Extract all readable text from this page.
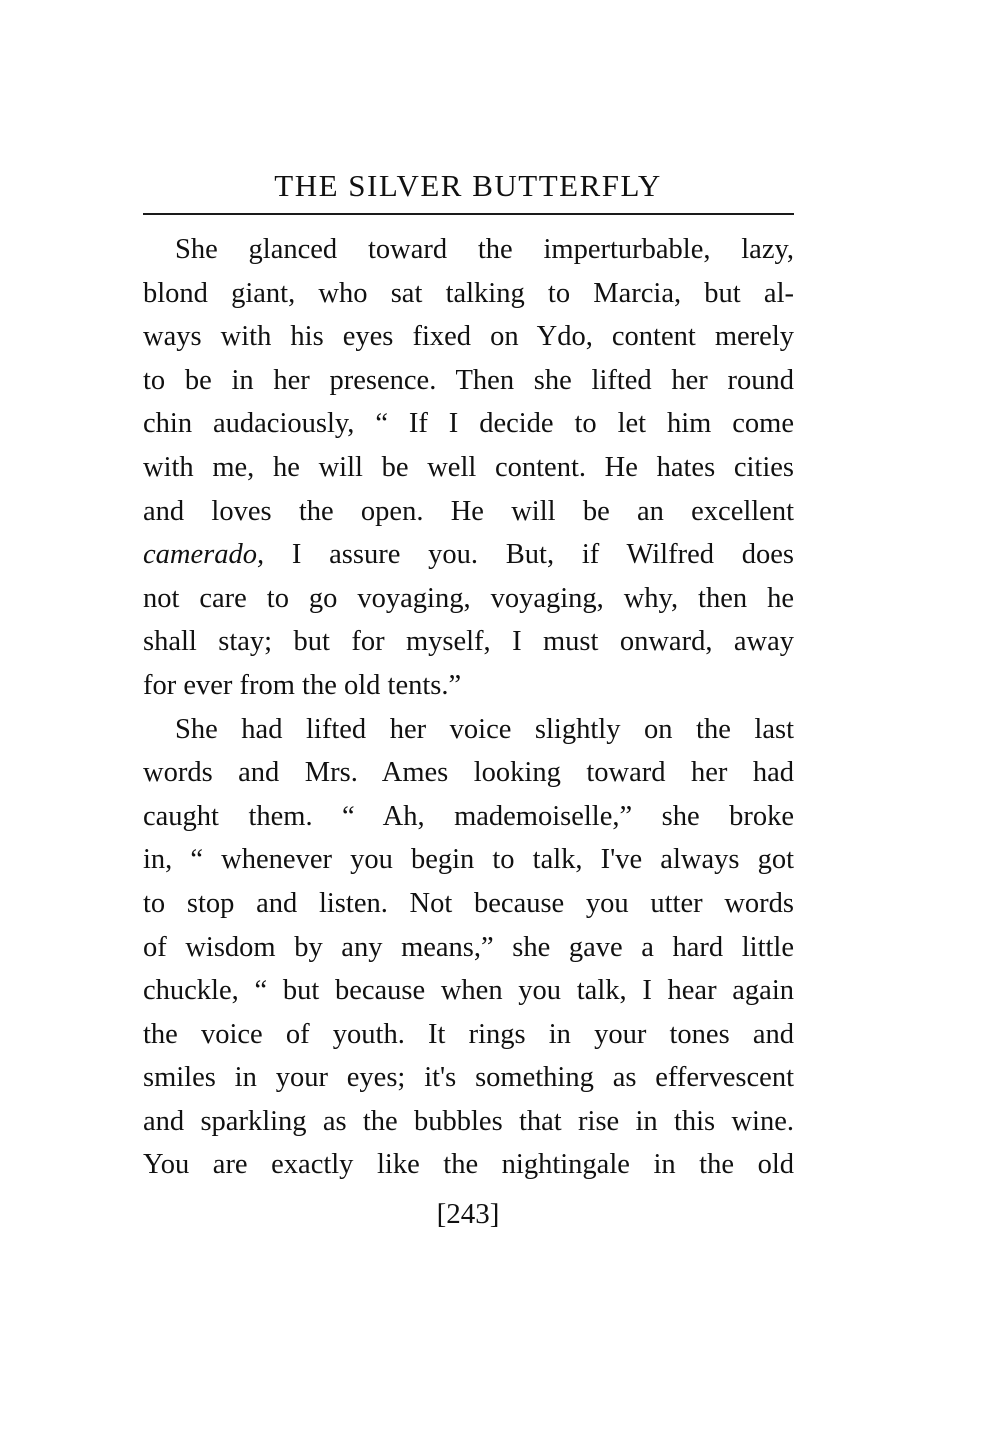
THE SILVER BUTTERFLY
She glanced toward the imperturbable, lazy,
blond giant, who sat talking to Marcia, but al-
ways with his eyes fixed on Ydo, content merely
to be in her presence. Then she lifted her round
chin audaciously, “ If I decide to let him come
with me, he will be well content. He hates cities
and loves the open. He will be an excellent
camerado, I assure you. But, if Wilfred does
not care to go voyaging, voyaging, why, then he
shall stay; but for myself, I must onward, away
for ever from the old tents.”
She had lifted her voice slightly on the last
words and Mrs. Ames looking toward her had
caught them. “ Ah, mademoiselle,” she broke
in, “ whenever you begin to talk, I've always got
to stop and listen. Not because you utter words
of wisdom by any means,” she gave a hard little
chuckle, “ but because when you talk, I hear again
the voice of youth. It rings in your tones and
smiles in your eyes; it's something as effervescent
and sparkling as the bubbles that rise in this wine.
You are exactly like the nightingale in the old
[243]
